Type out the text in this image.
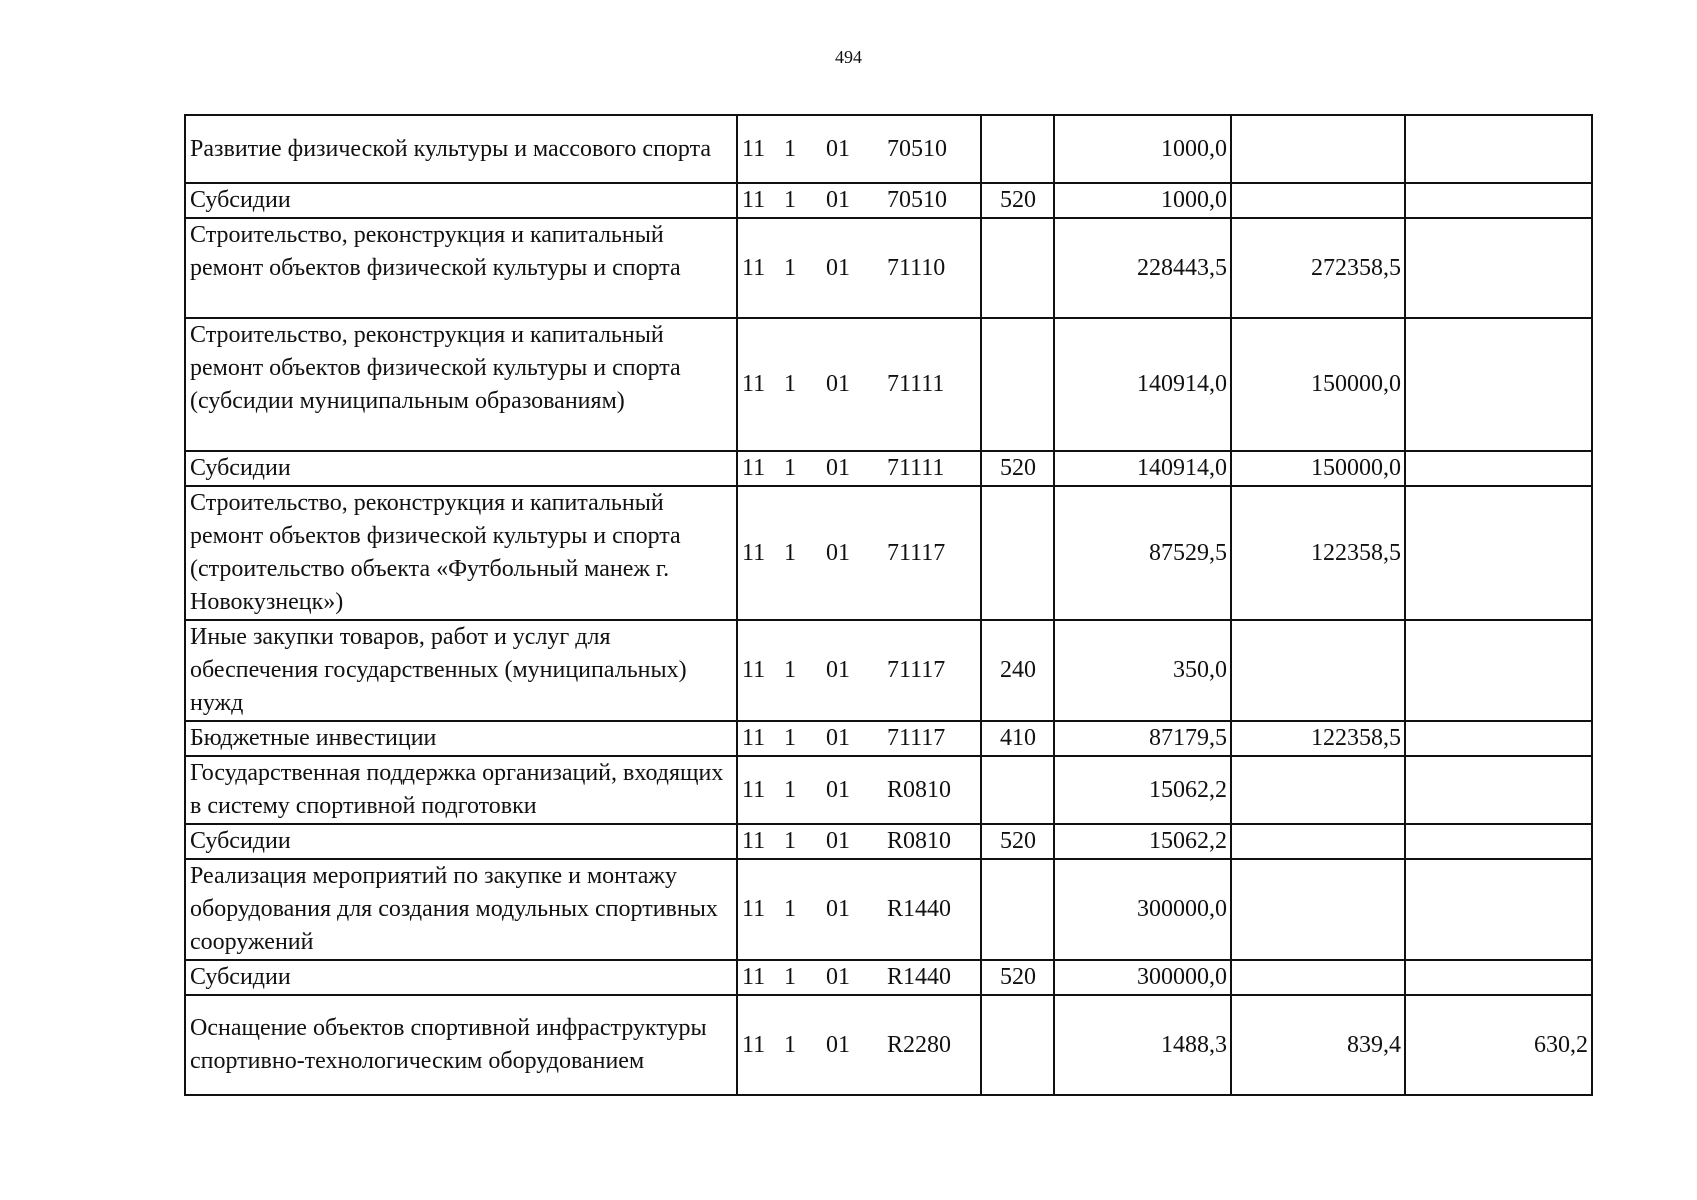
494
Развитие физической культуры и массового спорта	11 1 01 70510		1000,0		
Субсидии	11 1 01 70510	520	1000,0		
Строительство, реконструкция и капитальный ремонт объектов физической культуры и спорта	11 1 01 71110		228443,5	272358,5	
Строительство, реконструкция и капитальный ремонт объектов физической культуры и спорта (субсидии муниципальным образованиям)	11 1 01 71111		140914,0	150000,0	
Субсидии	11 1 01 71111	520	140914,0	150000,0	
Строительство, реконструкция и капитальный ремонт объектов физической культуры и спорта (строительство объекта «Футбольный манеж г. Новокузнецк»)	11 1 01 71117		87529,5	122358,5	
Иные закупки товаров, работ и услуг для обеспечения государственных (муниципальных) нужд	11 1 01 71117	240	350,0		
Бюджетные инвестиции	11 1 01 71117	410	87179,5	122358,5	
Государственная поддержка организаций, входящих в систему спортивной подготовки	11 1 01 R0810		15062,2		
Субсидии	11 1 01 R0810	520	15062,2		
Реализация мероприятий по закупке и монтажу оборудования для создания модульных спортивных сооружений	11 1 01 R1440		300000,0		
Субсидии	11 1 01 R1440	520	300000,0		
Оснащение объектов спортивной инфраструктуры спортивно-технологическим оборудованием	11 1 01 R2280		1488,3	839,4	630,2
